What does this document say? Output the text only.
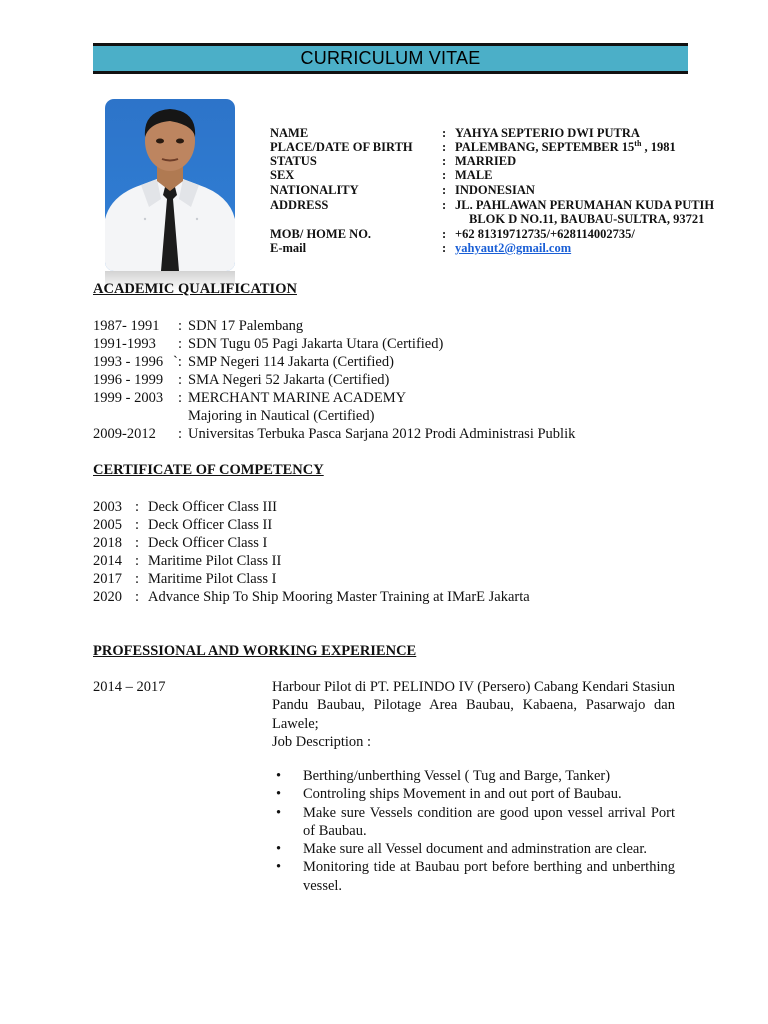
CURRICULUM VITAE
NAME	: YAHYA SEPTERIO DWI PUTRA
PLACE/DATE OF BIRTH : PALEMBANG, SEPTEMBER 15th , 1981
STATUS	: MARRIED
SEX	: MALE
NATIONALITY	: INDONESIAN
ADDRESS	: JL. PAHLAWAN PERUMAHAN KUDA PUTIH
BLOK D NO.11, BAUBAU-SULTRA, 93721
MOB/ HOME NO.	: +62 81319712735/+628114002735/
E-mail	: yahyaut2@gmail.com
ACADEMIC QUALIFICATION
1987- 1991 : SDN 17 Palembang
1991-1993 : SDN Tugu 05 Pagi Jakarta Utara (Certified)
1993 - 1996 `: SMP Negeri 114 Jakarta (Certified)
1996 - 1999 : SMA Negeri 52 Jakarta (Certified)
1999 - 2003 : MERCHANT MARINE ACADEMY
Majoring in Nautical (Certified)
2009-2012 : Universitas Terbuka Pasca Sarjana 2012 Prodi Administrasi Publik
CERTIFICATE OF COMPETENCY
2003 : Deck Officer Class III
2005 : Deck Officer Class II
2018 : Deck Officer Class I
2014 : Maritime Pilot Class II
2017 : Maritime Pilot Class I
2020 : Advance Ship To Ship Mooring Master Training at IMarE Jakarta
PROFESSIONAL AND WORKING EXPERIENCE
2014 – 2017	Harbour Pilot di PT. PELINDO IV (Persero) Cabang Kendari Stasiun Pandu Baubau, Pilotage Area Baubau, Kabaena, Pasarwajo dan Lawele;
Job Description :
• Berthing/unberthing Vessel ( Tug and Barge, Tanker)
• Controling ships Movement in and out port of Baubau.
• Make sure Vessels condition are good upon vessel arrival Port of Baubau.
• Make sure all Vessel document and adminstration are clear.
• Monitoring tide at Baubau port before berthing and unberthing vessel.
